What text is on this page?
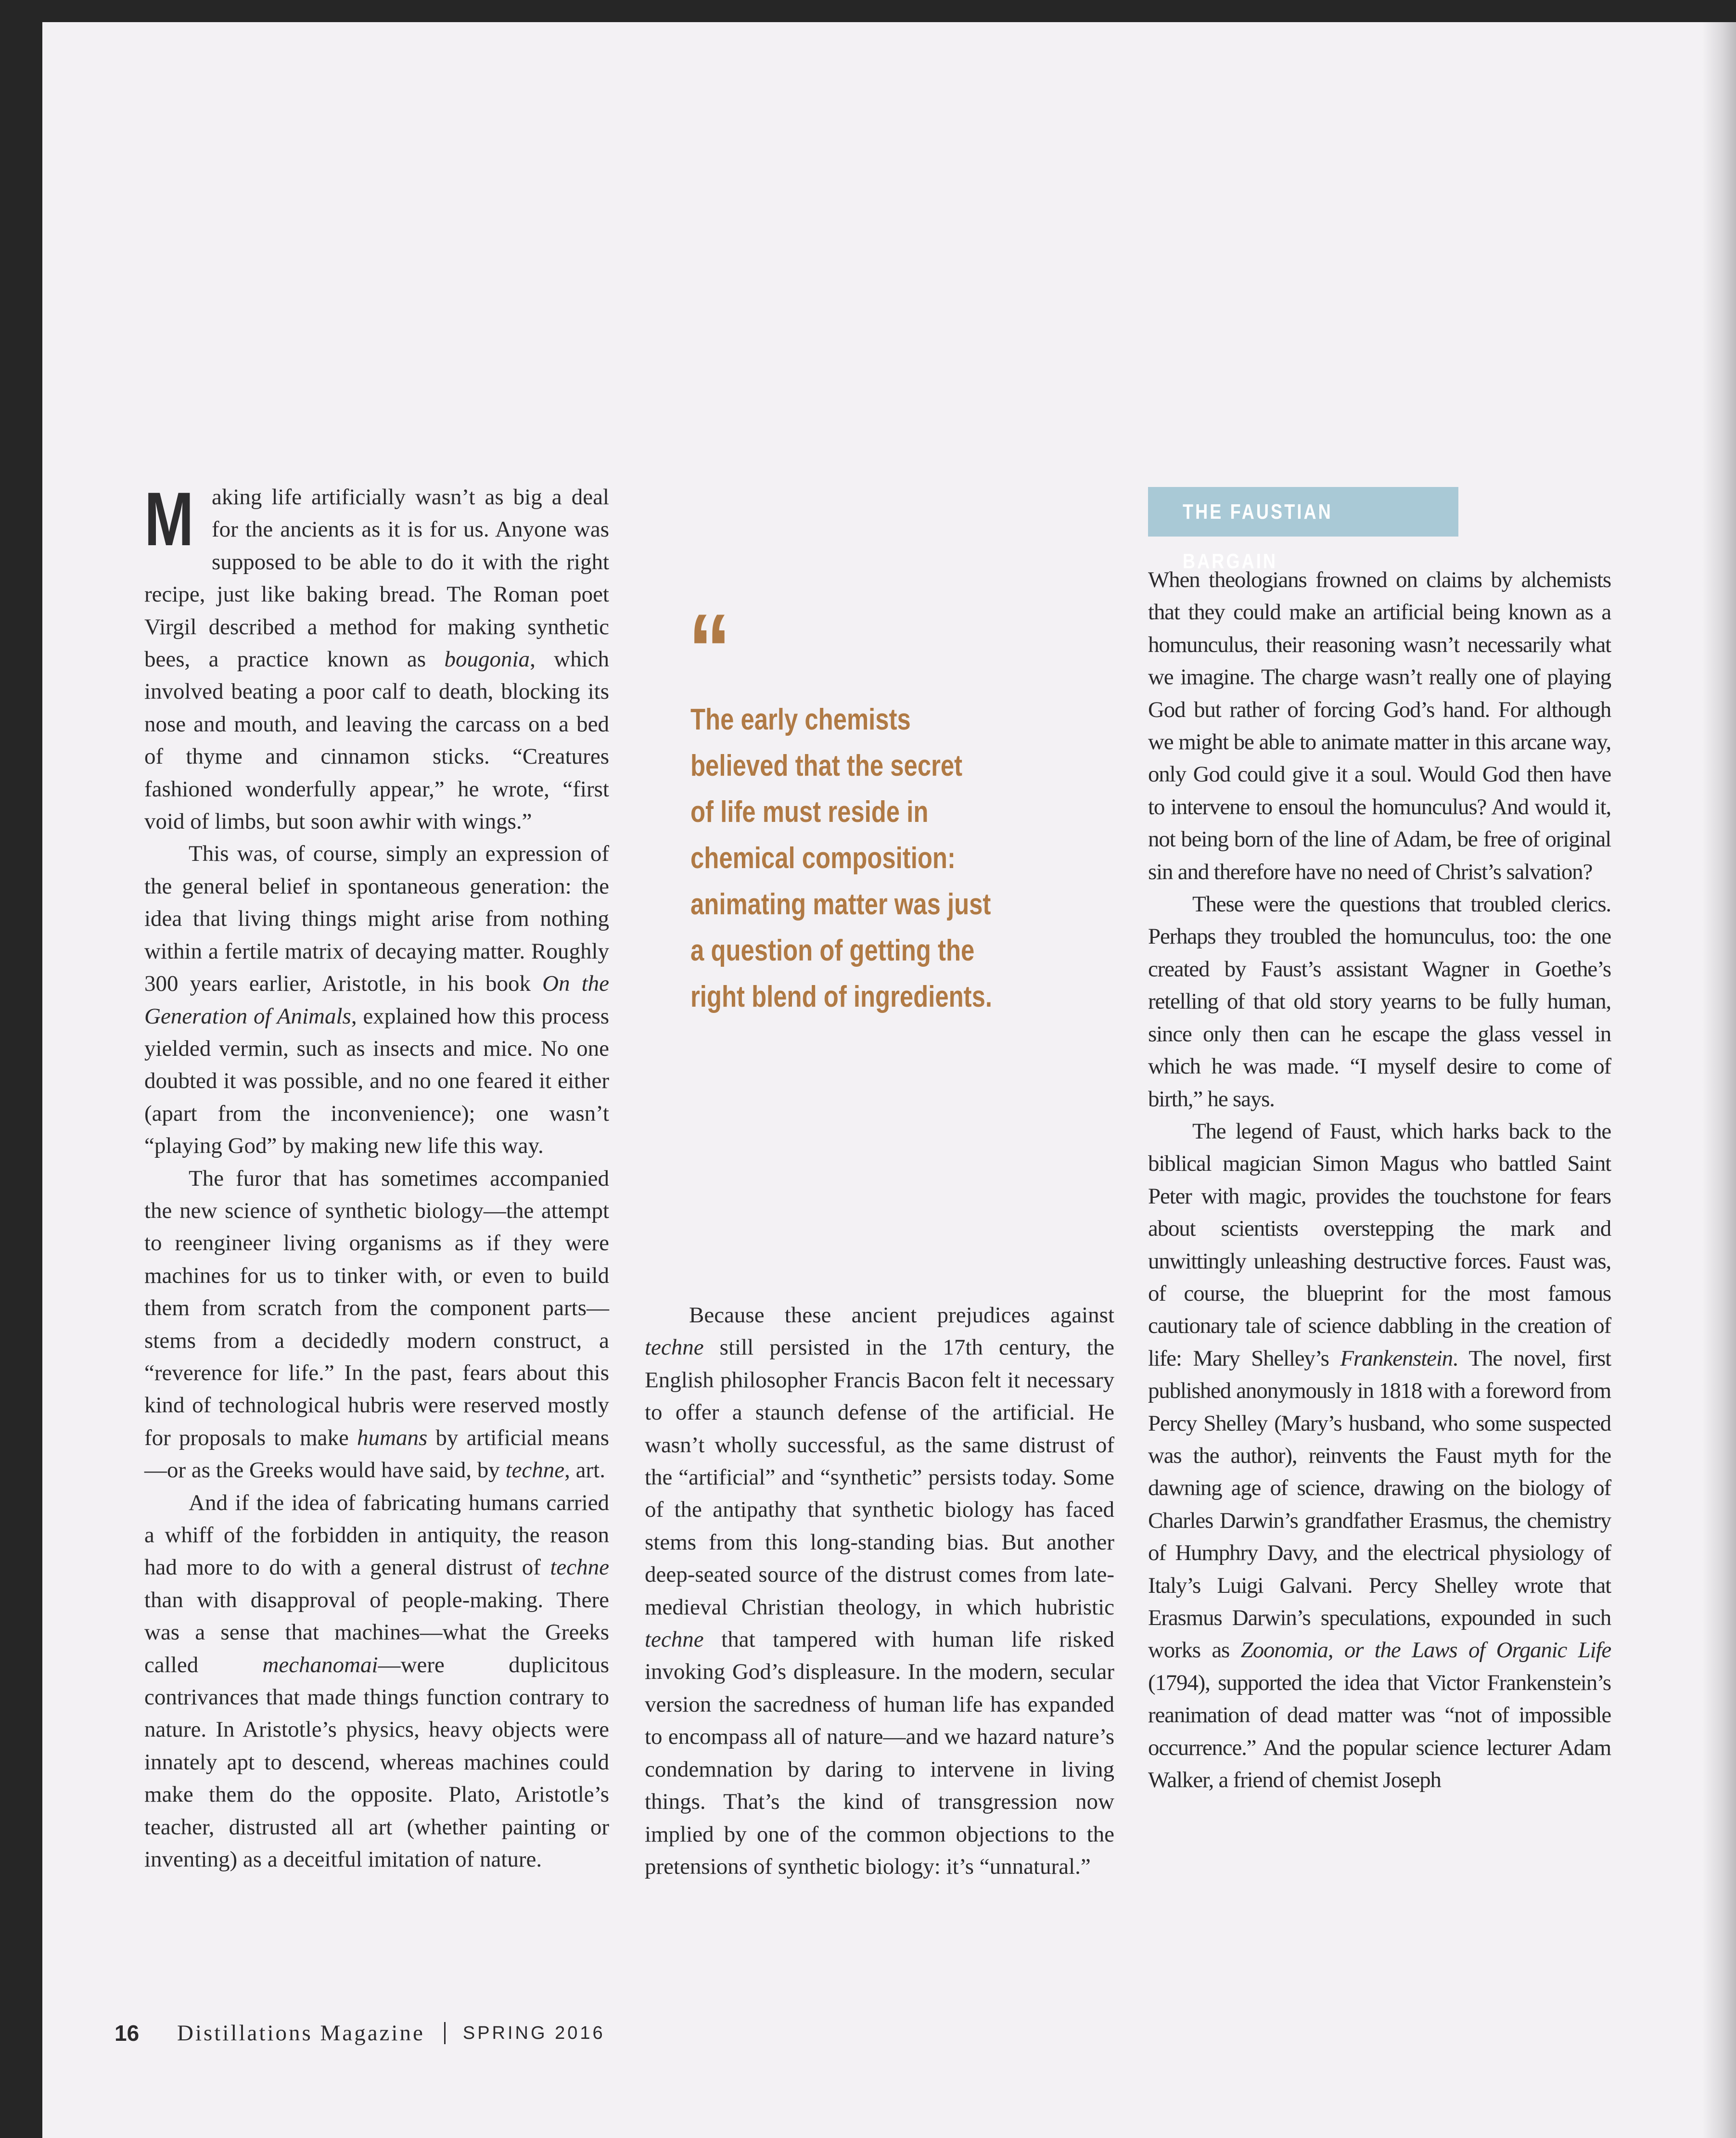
M aking life artificially wasn’t as big a deal for the ancients as it is for us. Anyone was supposed to be able to do it with the right recipe, just like baking bread. The Roman poet Virgil described a method for making synthetic bees, a practice known as bougonia, which involved beating a poor calf to death, blocking its nose and mouth, and leaving the carcass on a bed of thyme and cinnamon sticks. “Creatures fashioned wonderfully appear,” he wrote, “first void of limbs, but soon awhir with wings.”

This was, of course, simply an expression of the general belief in spontaneous generation: the idea that living things might arise from nothing within a fertile matrix of decaying matter. Roughly 300 years earlier, Aristotle, in his book On the Generation of Animals, explained how this process yielded vermin, such as insects and mice. No one doubted it was possible, and no one feared it either (apart from the inconvenience); one wasn’t “playing God” by making new life this way.

The furor that has sometimes accompanied the new science of synthetic biology—the attempt to reengineer living organisms as if they were machines for us to tinker with, or even to build them from scratch from the component parts—stems from a decidedly modern construct, a “reverence for life.” In the past, fears about this kind of technological hubris were reserved mostly for proposals to make humans by artificial means—or as the Greeks would have said, by techne, art.

And if the idea of fabricating humans carried a whiff of the forbidden in antiquity, the reason had more to do with a general distrust of techne than with disapproval of people-making. There was a sense that machines—what the Greeks called mechanomai—were duplicitous contrivances that made things function contrary to nature. In Aristotle’s physics, heavy objects were innately apt to descend, whereas machines could make them do the opposite. Plato, Aristotle’s teacher, distrusted all art (whether painting or inventing) as a deceitful imitation of nature.

“
The early chemists
believed that the secret
of life must reside in
chemical composition:
animating matter was just
a question of getting the
right blend of ingredients.

Because these ancient prejudices against techne still persisted in the 17th century, the English philosopher Francis Bacon felt it necessary to offer a staunch defense of the artificial. He wasn’t wholly successful, as the same distrust of the “artificial” and “synthetic” persists today. Some of the antipathy that synthetic biology has faced stems from this long-standing bias. But another deep-seated source of the distrust comes from late-medieval Christian theology, in which hubristic techne that tampered with human life risked invoking God’s displeasure. In the modern, secular version the sacredness of human life has expanded to encompass all of nature—and we hazard nature’s condemnation by daring to intervene in living things. That’s the kind of transgression now implied by one of the common objections to the pretensions of synthetic biology: it’s “unnatural.”

THE FAUSTIAN BARGAIN

When theologians frowned on claims by alchemists that they could make an artificial being known as a homunculus, their reasoning wasn’t necessarily what we imagine. The charge wasn’t really one of playing God but rather of forcing God’s hand. For although we might be able to animate matter in this arcane way, only God could give it a soul. Would God then have to intervene to ensoul the homunculus? And would it, not being born of the line of Adam, be free of original sin and therefore have no need of Christ’s salvation?

These were the questions that troubled clerics. Perhaps they troubled the homunculus, too: the one created by Faust’s assistant Wagner in Goethe’s retelling of that old story yearns to be fully human, since only then can he escape the glass vessel in which he was made. “I myself desire to come of birth,” he says.

The legend of Faust, which harks back to the biblical magician Simon Magus who battled Saint Peter with magic, provides the touchstone for fears about scientists overstepping the mark and unwittingly unleashing destructive forces. Faust was, of course, the blueprint for the most famous cautionary tale of science dabbling in the creation of life: Mary Shelley’s Frankenstein. The novel, first published anonymously in 1818 with a foreword from Percy Shelley (Mary’s husband, who some suspected was the author), reinvents the Faust myth for the dawning age of science, drawing on the biology of Charles Darwin’s grandfather Erasmus, the chemistry of Humphry Davy, and the electrical physiology of Italy’s Luigi Galvani. Percy Shelley wrote that Erasmus Darwin’s speculations, expounded in such works as Zoonomia, or the Laws of Organic Life (1794), supported the idea that Victor Frankenstein’s reanimation of dead matter was “not of impossible occurrence.” And the popular science lecturer Adam Walker, a friend of chemist Joseph

16	Distillations Magazine SPRING 2016
